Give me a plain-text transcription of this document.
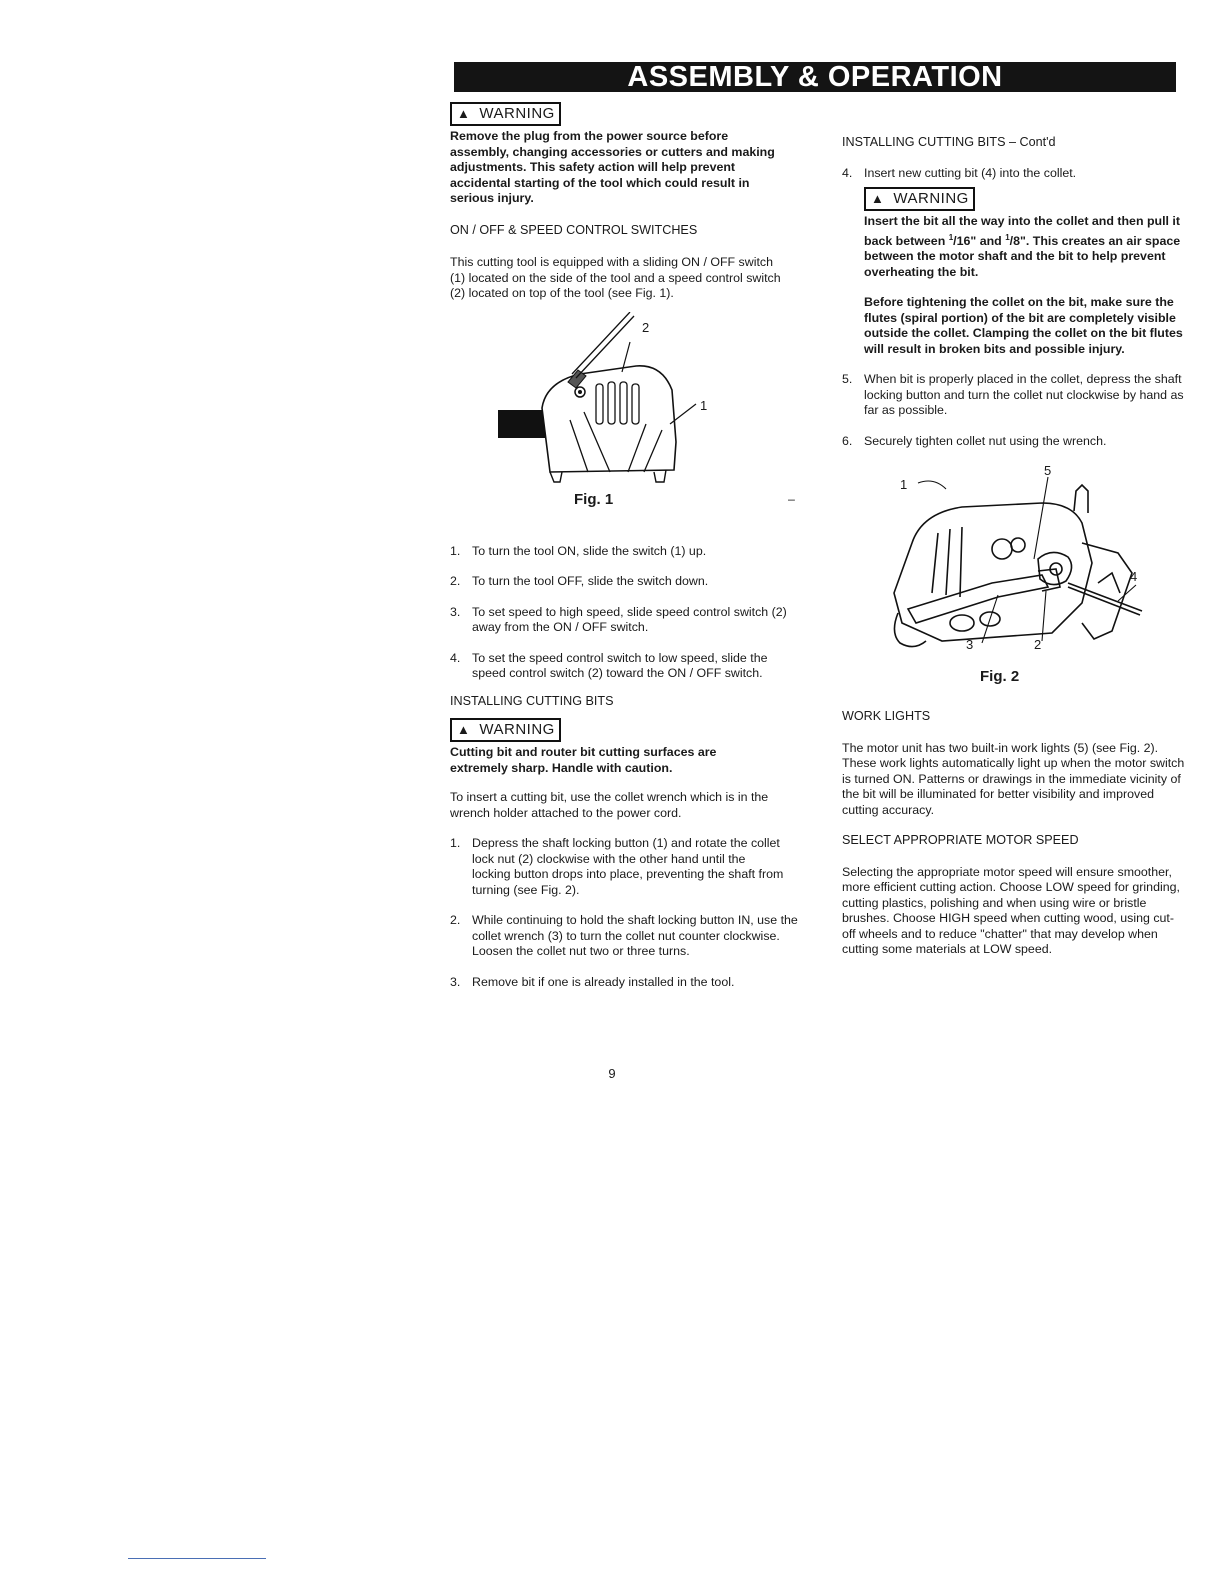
ASSEMBLY & OPERATION
▲ WARNING

Remove the plug from the power source before assembly, changing accessories or cutters and making adjustments. This safety action will help prevent accidental starting of the tool which could result in serious injury.

ON / OFF & SPEED CONTROL SWITCHES

This cutting tool is equipped with a sliding ON / OFF switch (1) located on the side of the tool and a speed control switch (2) located on top of the tool (see Fig. 1).

2
1
Fig. 1	–
1. To turn the tool ON, slide the switch (1) up.
2. To turn the tool OFF, slide the switch down.
3. To set speed to high speed, slide speed control switch (2) away from the ON / OFF switch.
4. To set the speed control switch to low speed, slide the speed control switch (2) toward the ON / OFF switch.

INSTALLING CUTTING BITS

▲ WARNING

Cutting bit and router bit cutting surfaces are extremely sharp. Handle with caution.

To insert a cutting bit, use the collet wrench which is in the wrench holder attached to the power cord.

1. Depress the shaft locking button (1) and rotate the collet lock nut (2) clockwise with the other hand until the locking button drops into place, preventing the shaft from turning (see Fig. 2).
2. While continuing to hold the shaft locking button IN, use the collet wrench (3) to turn the collet nut counter clockwise. Loosen the collet nut two or three turns.
3. Remove bit if one is already installed in the tool.

INSTALLING CUTTING BITS – Cont'd

4. Insert new cutting bit (4) into the collet.
▲ WARNING

Insert the bit all the way into the collet and then pull it back between $^1$/16" and $^1$/8". This creates an air space between the motor shaft and the bit to help prevent overheating the bit.

Before tightening the collet on the bit, make sure the flutes (spiral portion) of the bit are completely visible outside the collet. Clamping the collet on the bit flutes will result in broken bits and possible injury.

5. When bit is properly placed in the collet, depress the shaft locking button and turn the collet nut clockwise by hand as far as possible.
6. Securely tighten collet nut using the wrench.
1
5
4
3	2
Fig. 2

WORK LIGHTS

The motor unit has two built-in work lights (5) (see Fig. 2). These work lights automatically light up when the motor switch is turned ON. Patterns or drawings in the immediate vicinity of the bit will be illuminated for better visibility and improved cutting accuracy.

SELECT APPROPRIATE MOTOR SPEED

Selecting the appropriate motor speed will ensure smoother, more efficient cutting action. Choose LOW speed for grinding, cutting plastics, polishing and when using wire or bristle brushes. Choose HIGH speed when cutting wood, using cut-off wheels and to reduce "chatter" that may develop when cutting some materials at LOW speed.

9
